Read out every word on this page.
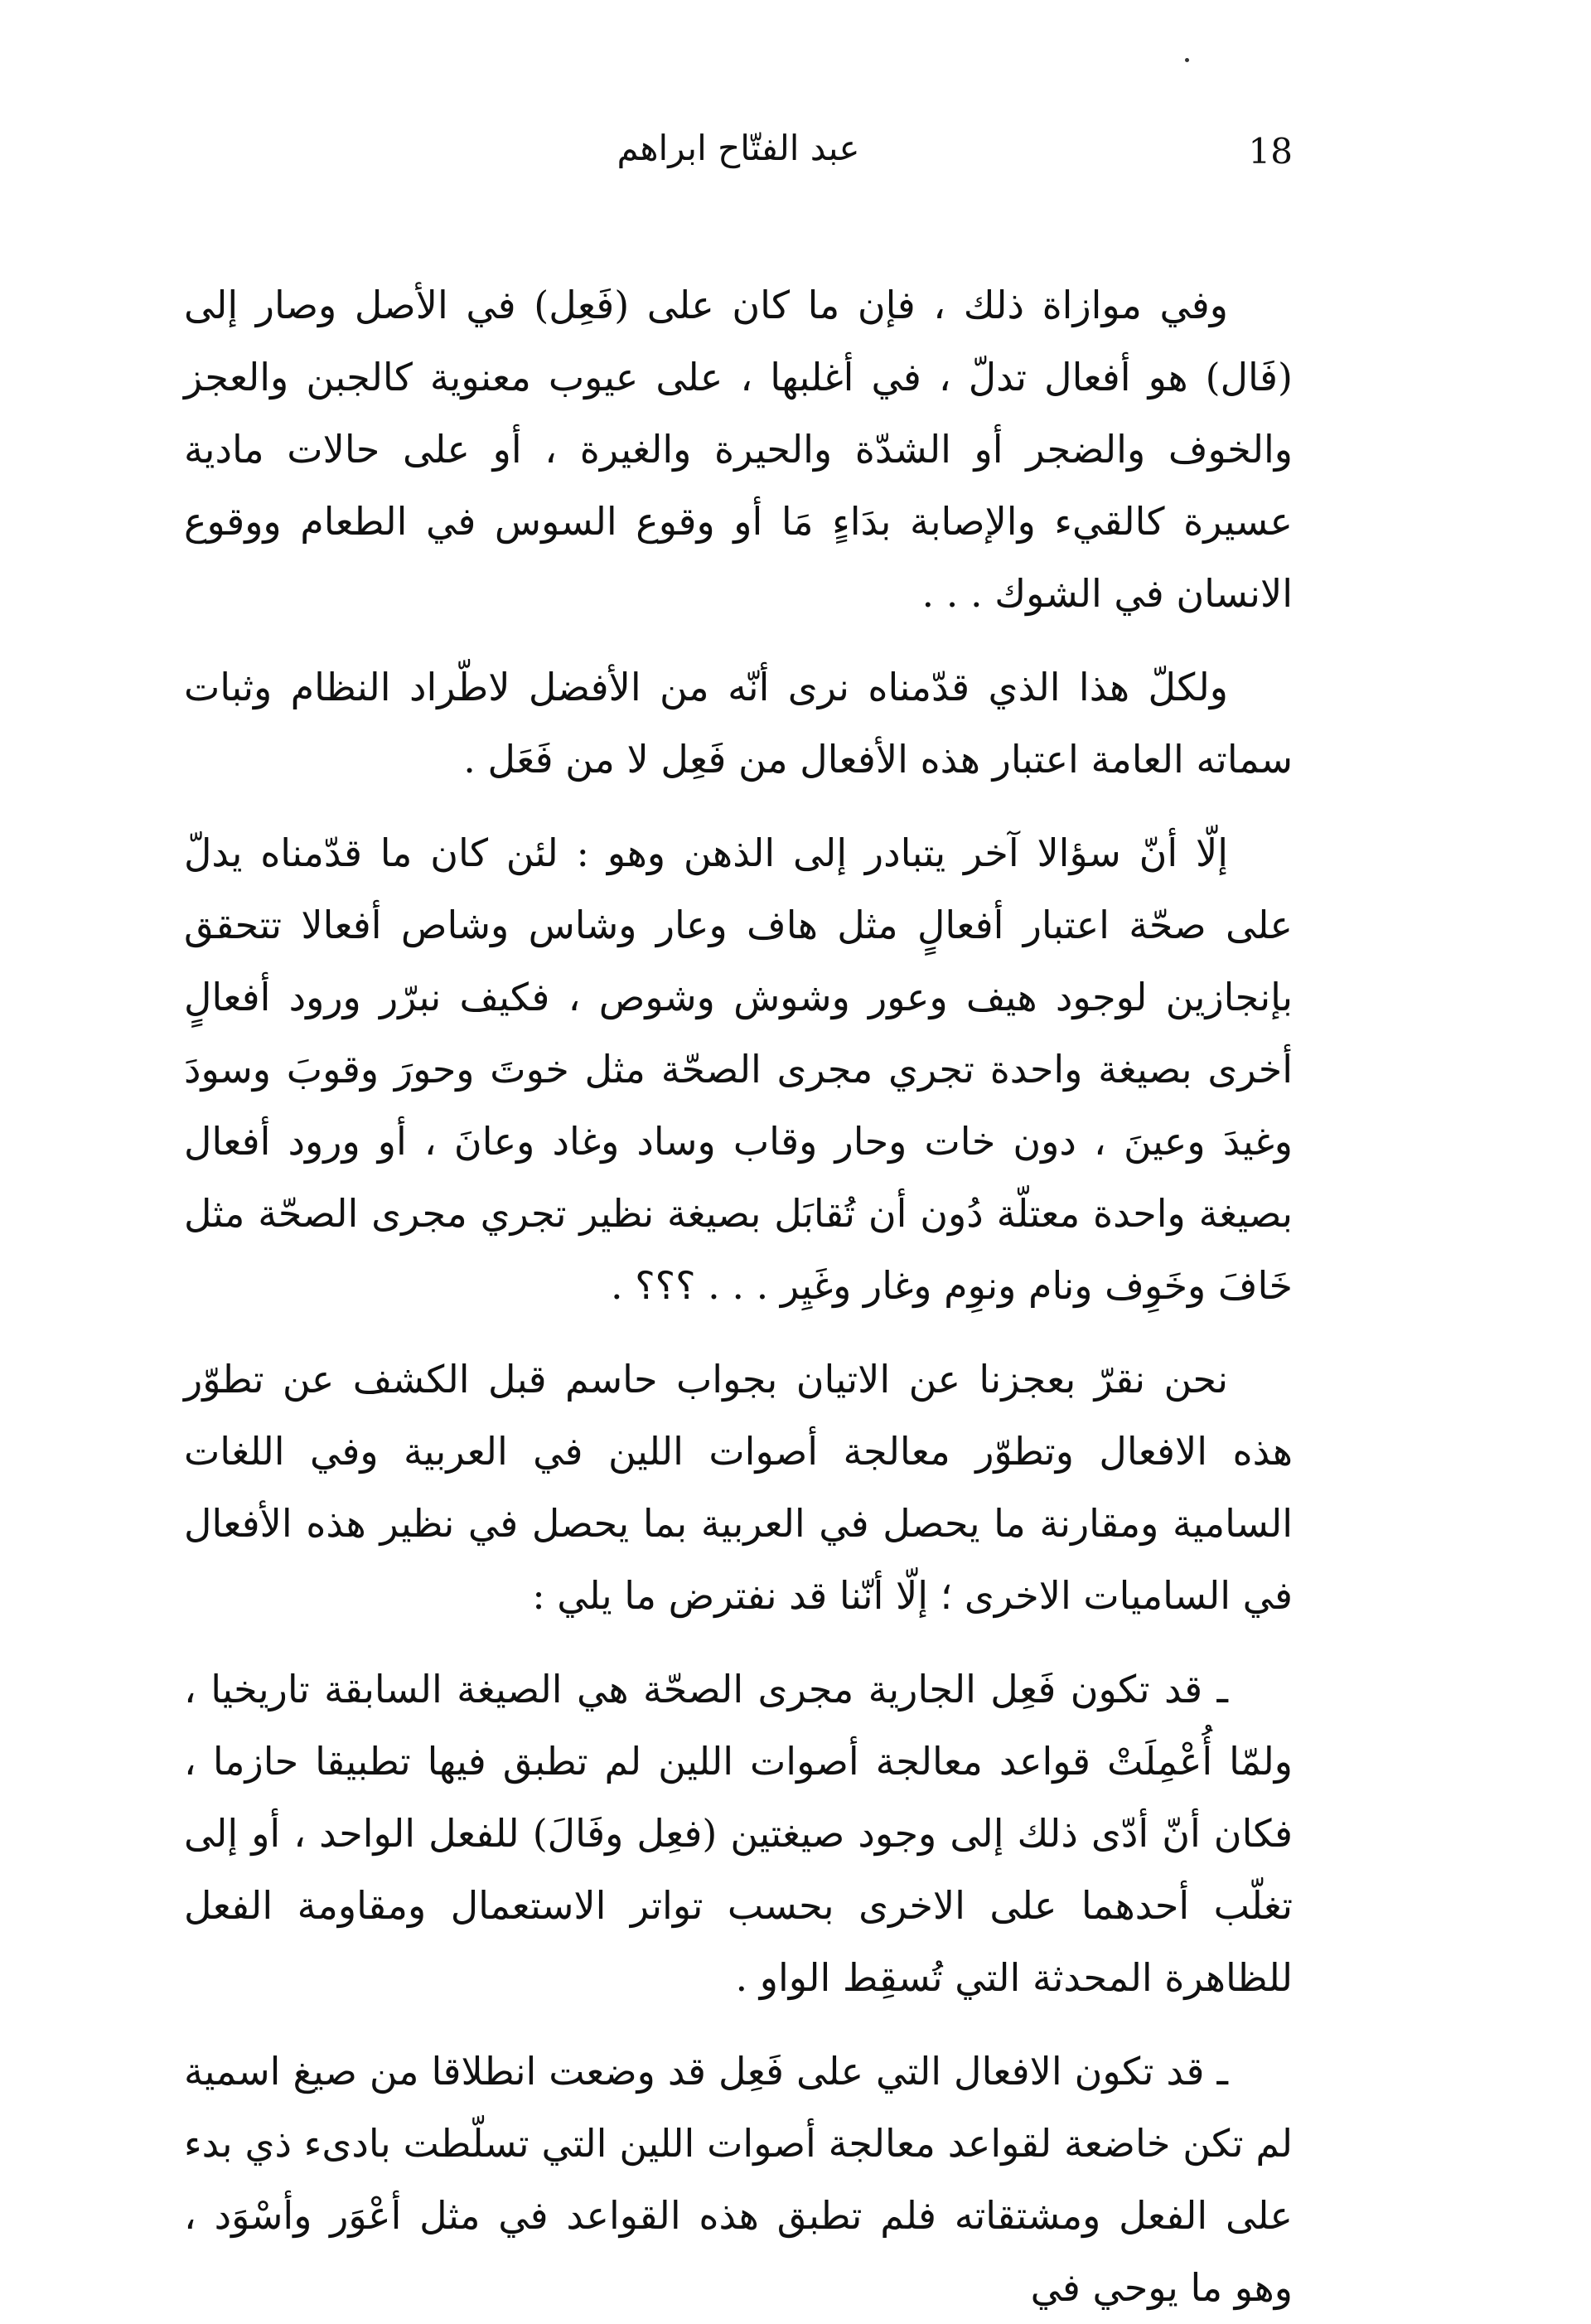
18
عبد الفتّاح ابراهم

وفي موازاة ذلك ، فإن ما كان على (فَعِل) في الأصل وصار إلى (فَال) هو أفعال تدلّ ، في أغلبها ، على عيوب معنوية كالجبن والعجز والخوف والضجر أو الشدّة والحيرة والغيرة ، أو على حالات مادية عسيرة كالقيء والإصابة بدَاءٍ مَا أو وقوع السوس في الطعام ووقوع الانسان في الشوك . . .

ولكلّ هذا الذي قدّمناه نرى أنّه من الأفضل لاطّراد النظام وثبات سماته العامة اعتبار هذه الأفعال من فَعِل لا من فَعَل .

إلّا أنّ سؤالا آخر يتبادر إلى الذهن وهو : لئن كان ما قدّمناه يدلّ على صحّة اعتبار أفعالٍ مثل هاف وعار وشاس وشاص أفعالا تتحقق بإنجازين لوجود هيف وعور وشوش وشوص ، فكيف نبرّر ورود أفعالٍ أخرى بصيغة واحدة تجري مجرى الصحّة مثل خوتَ وحورَ وقوبَ وسودَ وغيدَ وعينَ ، دون خات وحار وقاب وساد وغاد وعانَ ، أو ورود أفعال بصيغة واحدة معتلّة دُون أن تُقابَل بصيغة نظير تجري مجرى الصحّة مثل خَافَ وخَوِف ونام ونوِم وغار وغَيِر . . . ؟؟؟ .

نحن نقرّ بعجزنا عن الاتيان بجواب حاسم قبل الكشف عن تطوّر هذه الافعال وتطوّر معالجة أصوات اللين في العربية وفي اللغات السامية ومقارنة ما يحصل في العربية بما يحصل في نظير هذه الأفعال في الساميات الاخرى ؛ إلّا أنّنا قد نفترض ما يلي :

ـ قد تكون فَعِل الجارية مجرى الصحّة هي الصيغة السابقة تاريخيا ، ولمّا أُعْمِلَتْ قواعد معالجة أصوات اللين لم تطبق فيها تطبيقا حازما ، فكان أنّ أدّى ذلك إلى وجود صيغتين (فعِل وفَالَ) للفعل الواحد ، أو إلى تغلّب أحدهما على الاخرى بحسب تواتر الاستعمال ومقاومة الفعل للظاهرة المحدثة التي تُسقِط الواو .

ـ قد تكون الافعال التي على فَعِل قد وضعت انطلاقا من صيغ اسمية لم تكن خاضعة لقواعد معالجة أصوات اللين التي تسلّطت بادىء ذي بدء على الفعل ومشتقاته فلم تطبق هذه القواعد في مثل أعْوَر وأسْوَد ، وهو ما يوحي في
